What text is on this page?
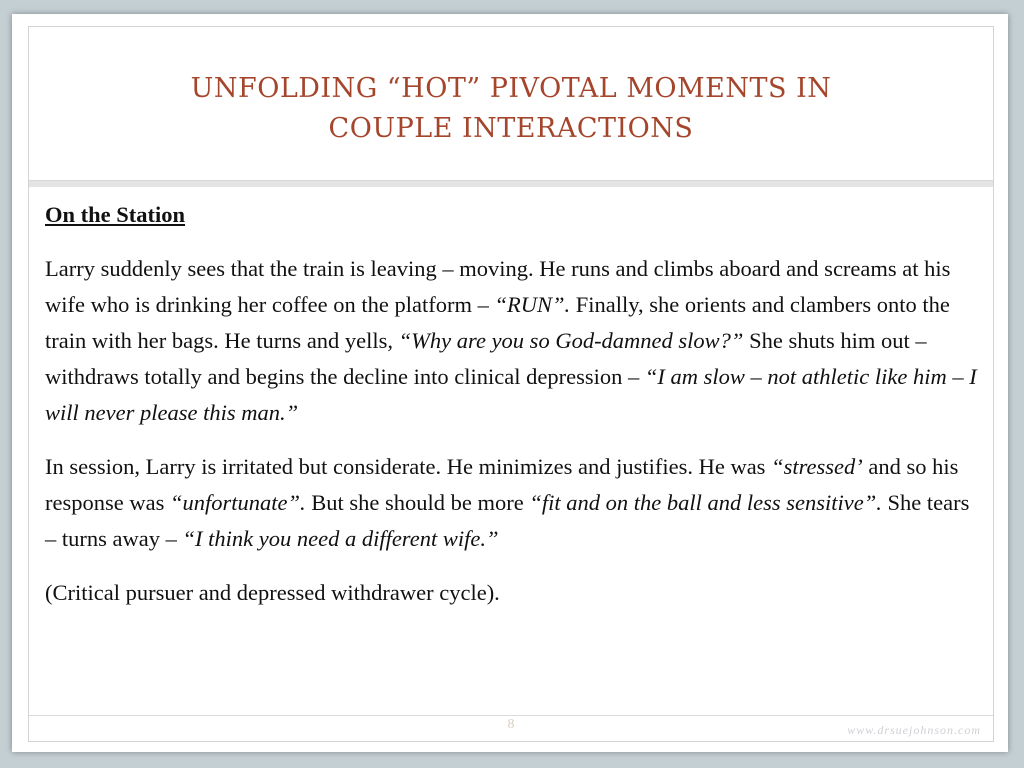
UNFOLDING “HOT” PIVOTAL MOMENTS IN
COUPLE INTERACTIONS

On the Station

Larry suddenly sees that the train is leaving – moving. He runs and climbs aboard and screams at his wife who is drinking her coffee on the platform – “RUN”. Finally, she orients and clambers onto the train with her bags. He turns and yells, “Why are you so God-damned slow?” She shuts him out – withdraws totally and begins the decline into clinical depression – “I am slow – not athletic like him – I will never please this man.”

In session, Larry is irritated but considerate. He minimizes and justifies. He was “stressed’ and so his response was “unfortunate”. But she should be more “fit and on the ball and less sensitive”. She tears – turns away – “I think you need a different wife.”

(Critical pursuer and depressed withdrawer cycle).

8	www.drsuejohnson.com
